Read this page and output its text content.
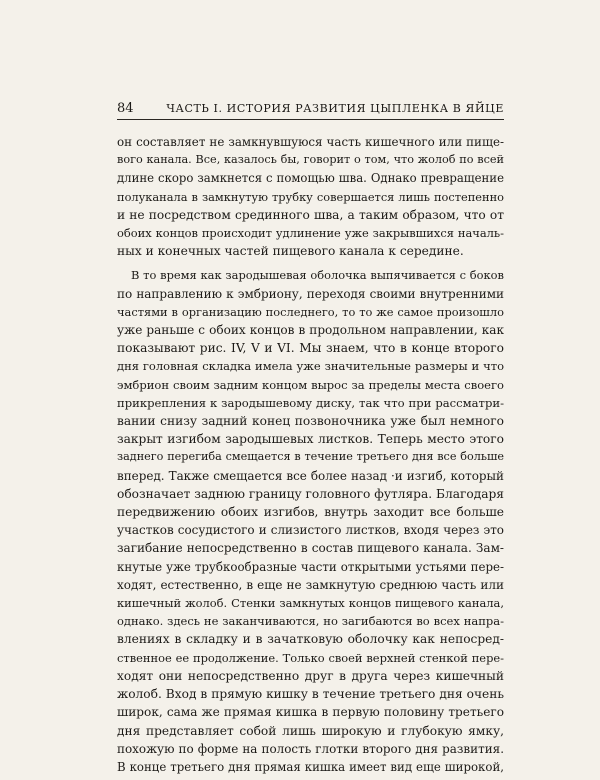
84	ЧАСТЬ I. ИСТОРИЯ РАЗВИТИЯ ЦЫПЛЕНКА В ЯЙЦЕ

он составляет не замкнувшуюся часть кишечного или пище-
вого канала. Все, казалось бы, говорит о том, что жолоб по всей
длине скоро замкнется с помощью шва. Однако превращение
полуканала в замкнутую трубку совершается лишь постепенно
и не посредством срединного шва, а таким образом, что от
обоих концов происходит удлинение уже закрывшихся началь-
ных и конечных частей пищевого канала к середине.

В то время как зародышевая оболочка выпячивается с боков
по направлению к эмбриону, переходя своими внутренними
частями в организацию последнего, то то же самое произошло
уже раньше с обоих концов в продольном направлении, как
показывают рис. IV, V и VI. Мы знаем, что в конце второго
дня головная складка имела уже значительные размеры и что
эмбрион своим задним концом вырос за пределы места своего
прикрепления к зародышевому диску, так что при рассматри-
вании снизу задний конец позвоночника уже был немного
закрыт изгибом зародышевых листков. Теперь место этого
заднего перегиба смещается в течение третьего дня все больше
вперед. Также смещается все более назад ·и изгиб, который
обозначает заднюю границу головного футляра. Благодаря
передвижению обоих изгибов, внутрь заходит все больше
участков сосудистого и слизистого листков, входя через это
загибание непосредственно в состав пищевого канала. Зам-
кнутые уже трубкообразные части открытыми устьями пере-
ходят, естественно, в еще не замкнутую среднюю часть или
кишечный жолоб. Стенки замкнутых концов пищевого канала,
однако. здесь не заканчиваются, но загибаются во всех напра-
влениях в складку и в зачатковую оболочку как непосред-
ственное ее продолжение. Только своей верхней стенкой пере-
ходят они непосредственно друг в друга через кишечный
жолоб. Вход в прямую кишку в течение третьего дня очень
широк, сама же прямая кишка в первую половину третьего
дня представляет собой лишь широкую и глубокую ямку,
похожую по форме на полость глотки второго дня развития.
В конце третьего дня прямая кишка имеет вид еще широкой,
